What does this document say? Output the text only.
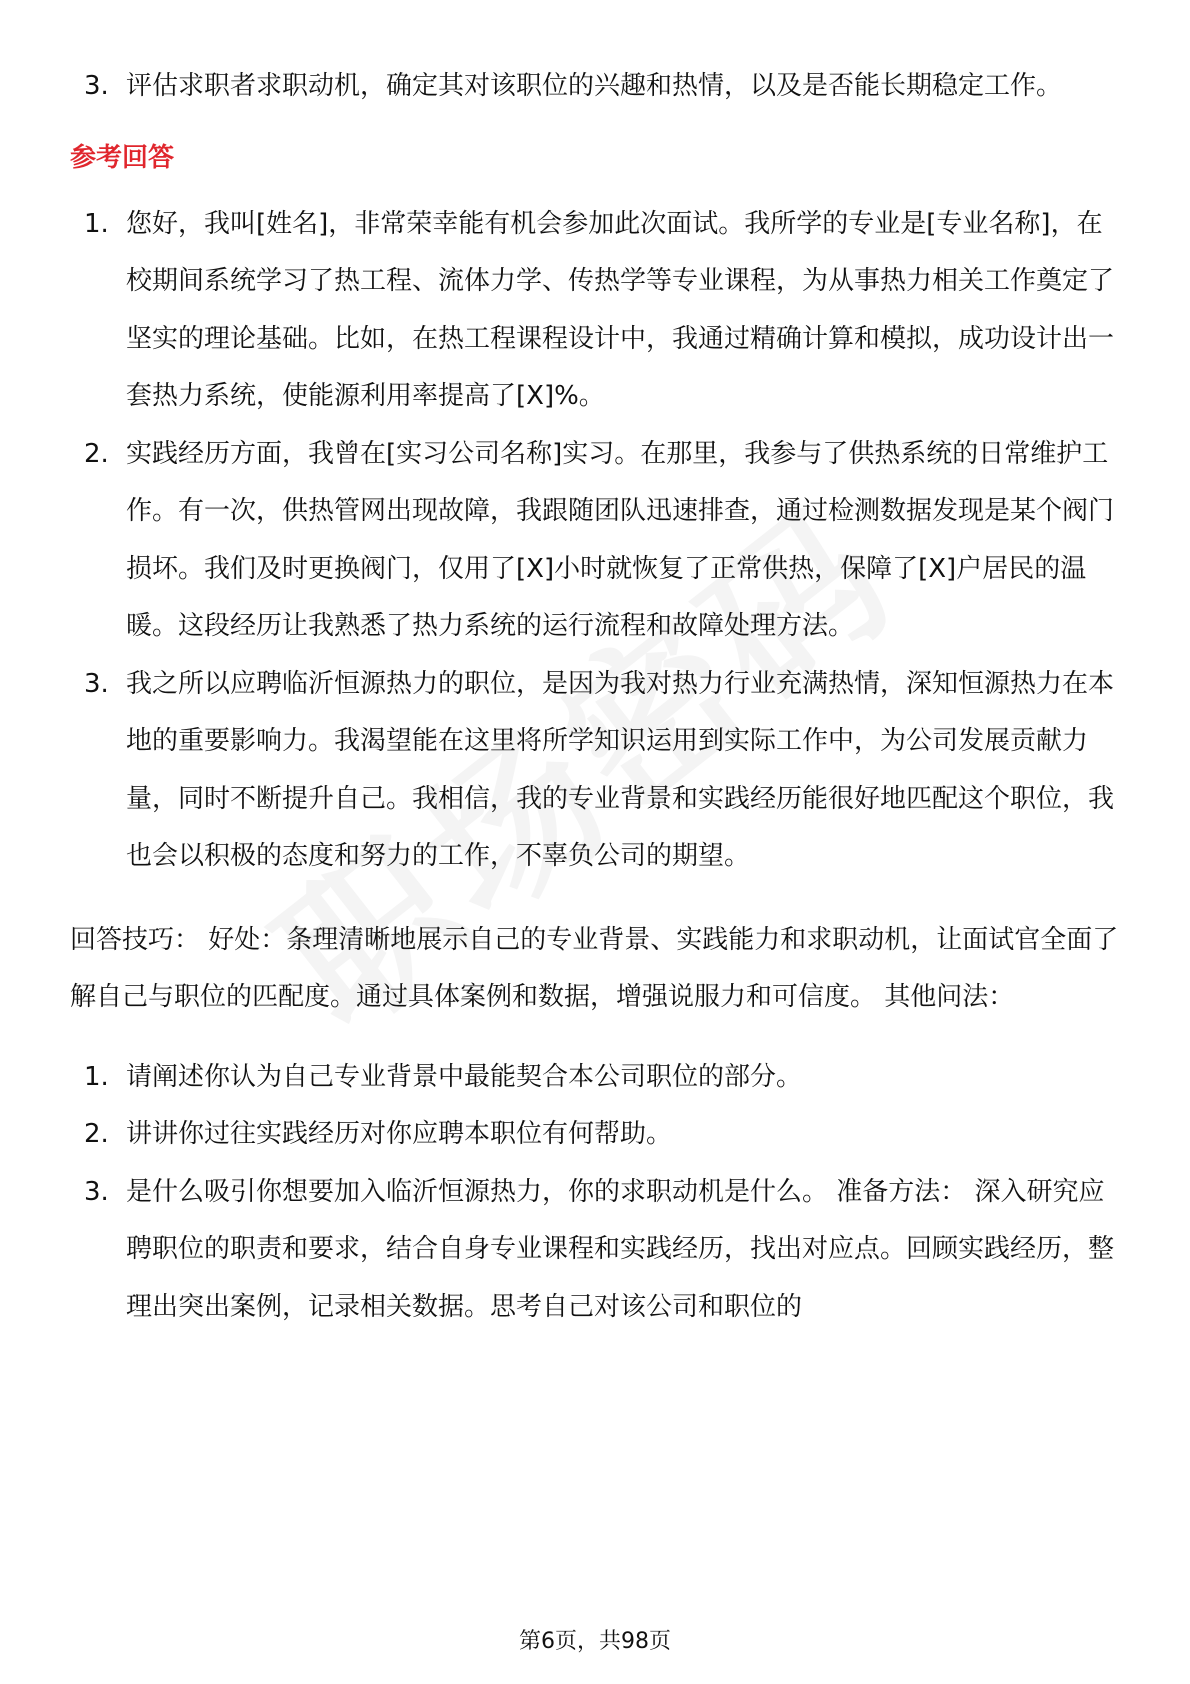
3. 评估求职者求职动机，确定其对该职位的兴趣和热情，以及是否能长期稳定工作。
参考回答
1. 您好，我叫[姓名]，非常荣幸能有机会参加此次面试。我所学的专业是[专业名称]，在校期间系统学习了热工程、流体力学、传热学等专业课程，为从事热力相关工作奠定了坚实的理论基础。比如，在热工程课程设计中，我通过精确计算和模拟，成功设计出一套热力系统，使能源利用率提高了[X]%。
2. 实践经历方面，我曾在[实习公司名称]实习。在那里，我参与了供热系统的日常维护工作。有一次，供热管网出现故障，我跟随团队迅速排查，通过检测数据发现是某个阀门损坏。我们及时更换阀门，仅用了[X]小时就恢复了正常供热，保障了[X]户居民的温暖。这段经历让我熟悉了热力系统的运行流程和故障处理方法。
3. 我之所以应聘临沂恒源热力的职位，是因为我对热力行业充满热情，深知恒源热力在本地的重要影响力。我渴望能在这里将所学知识运用到实际工作中，为公司发展贡献力量，同时不断提升自己。我相信，我的专业背景和实践经历能很好地匹配这个职位，我也会以积极的态度和努力的工作，不辜负公司的期望。

回答技巧： 好处：条理清晰地展示自己的专业背景、实践能力和求职动机，让面试官全面了解自己与职位的匹配度。通过具体案例和数据，增强说服力和可信度。 其他问法：

1. 请阐述你认为自己专业背景中最能契合本公司职位的部分。
2. 讲讲你过往实践经历对你应聘本职位有何帮助。
3. 是什么吸引你想要加入临沂恒源热力，你的求职动机是什么。 准备方法： 深入研究应聘职位的职责和要求，结合自身专业课程和实践经历，找出对应点。回顾实践经历，整理出突出案例，记录相关数据。思考自己对该公司和职位的
第6页，共98页
